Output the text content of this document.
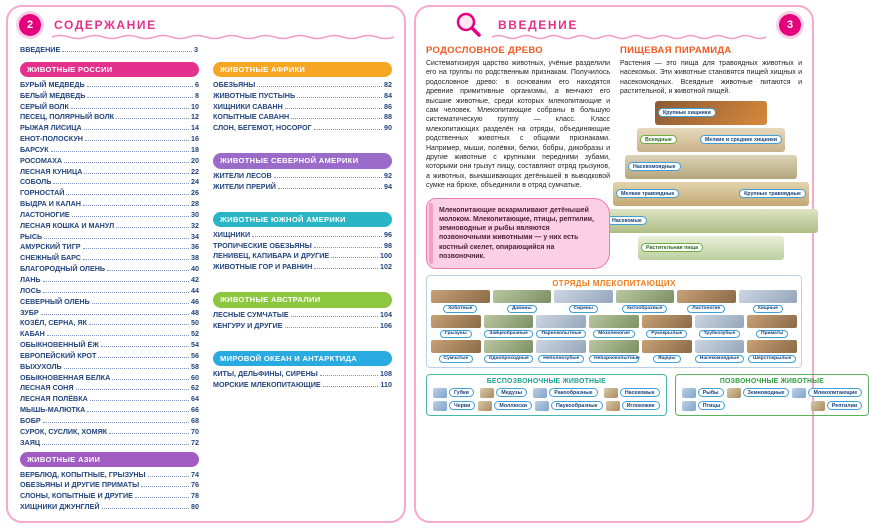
2	СОДЕРЖАНИЕ
ВВЕДЕНИЕ	3
ЖИВОТНЫЕ РОССИИ
БУРЫЙ МЕДВЕДЬ	6
БЕЛЫЙ МЕДВЕДЬ	8
СЕРЫЙ ВОЛК	10
ПЕСЕЦ, ПОЛЯРНЫЙ ВОЛК	12
РЫЖАЯ ЛИСИЦА	14
ЕНОТ-ПОЛОСКУН	16
БАРСУК	18
РОСОМАХА	20
ЛЕСНАЯ КУНИЦА	22
СОБОЛЬ	24
ГОРНОСТАЙ	26
ВЫДРА И КАЛАН	28
ЛАСТОНОГИЕ	30
ЛЕСНАЯ КОШКА И МАНУЛ	32
РЫСЬ	34
АМУРСКИЙ ТИГР	36
СНЕЖНЫЙ БАРС	38
БЛАГОРОДНЫЙ ОЛЕНЬ	40
ЛАНЬ	42
ЛОСЬ	44
СЕВЕРНЫЙ ОЛЕНЬ	46
ЗУБР	48
КОЗЁЛ, СЕРНА, ЯК	50
КАБАН	52
ОБЫКНОВЕННЫЙ ЁЖ	54
ЕВРОПЕЙСКИЙ КРОТ	56
ВЫХУХОЛЬ	58
ОБЫКНОВЕННАЯ БЕЛКА	60
ЛЕСНАЯ СОНЯ	62
ЛЕСНАЯ ПОЛЁВКА	64
МЫШЬ-МАЛЮТКА	66
БОБР	68
СУРОК, СУСЛИК, ХОМЯК	70
ЗАЯЦ	72
ЖИВОТНЫЕ АЗИИ
ВЕРБЛЮД, КОПЫТНЫЕ, ГРЫЗУНЫ	74
ОБЕЗЬЯНЫ И ДРУГИЕ ПРИМАТЫ	76
СЛОНЫ, КОПЫТНЫЕ И ДРУГИЕ	78
ХИЩНИКИ ДЖУНГЛЕЙ	80
ЖИВОТНЫЕ АФРИКИ
ОБЕЗЬЯНЫ	82
ЖИВОТНЫЕ ПУСТЫНЬ	84
ХИЩНИКИ САВАНН	86
КОПЫТНЫЕ САВАНН	88
СЛОН, БЕГЕМОТ, НОСОРОГ	90
ЖИВОТНЫЕ СЕВЕРНОЙ АМЕРИКИ
ЖИТЕЛИ ЛЕСОВ	92
ЖИТЕЛИ ПРЕРИЙ	94
ЖИВОТНЫЕ ЮЖНОЙ АМЕРИКИ
ХИЩНИКИ	96
ТРОПИЧЕСКИЕ ОБЕЗЬЯНЫ	98
ЛЕНИВЕЦ, КАПИБАРА И ДРУГИЕ	100
ЖИВОТНЫЕ ГОР И РАВНИН	102
ЖИВОТНЫЕ АВСТРАЛИИ
ЛЕСНЫЕ СУМЧАТЫЕ	104
КЕНГУРУ И ДРУГИЕ	106
МИРОВОЙ ОКЕАН И АНТАРКТИДА
КИТЫ, ДЕЛЬФИНЫ, СИРЕНЫ	108
МОРСКИЕ МЛЕКОПИТАЮЩИЕ	110
ВВЕДЕНИЕ	3
РОДОСЛОВНОЕ ДРЕВО
Систематизируя царство животных, учёные разделили его на группы по родственным признакам. Получилось родословное древо: в основании его находятся древние примитивные организмы, а венчают его высшие животные, среди которых млекопитающие и сам человек. Млекопитающие собраны в большую систематическую группу — класс. Класс млекопитающих разделён на отряды, объединяющие родственных животных с общими признаками. Например, мыши, полёвки, белки, бобры, дикобразы и другие животные с крупными передними зубами, которыми они грызут пищу, составляют отряд грызунов, а животных, вынашивающих детёнышей в выводковой сумке на брюхе, объединили в отряд сумчатые.
Млекопитающие вскармливают детёнышей молоком. Млекопитающие, птицы, рептилии, земноводные и рыбы являются позвоночными животными — у них есть костный скелет, опирающийся на позвоночник.
ПИЩЕВАЯ ПИРАМИДА
Растения — это пища для травоядных животных и насекомых. Эти животные становятся пищей хищных и насекомоядных. Всеядные животные питаются и растительной, и животной пищей.
Крупные хищники
Всеядные	Мелкие и средние хищники
Насекомоядные
Мелкие травоядные	Крупные травоядные
Насекомые
Растительная пища
ОТРЯДЫ МЛЕКОПИТАЮЩИХ
Хоботные	Даманы	Сирены	Китообразные	Ластоногие	Хищные
Грызуны	Зайцеобразные	Парнокопытные	Мозоленогие	Рукокрылые	Трубкозубые	Приматы
Сумчатые	Однопроходные	Неполнозубые	Непарнокопытные	Ящеры	Насекомоядные	Шерстокрылые
БЕСПОЗВОНОЧНЫЕ ЖИВОТНЫЕ
Губки	Медузы	Ракообразные	Насекомые
Черви	Моллюски	Паукообразные	Иглокожие
ПОЗВОНОЧНЫЕ ЖИВОТНЫЕ
Рыбы	Земноводные	Млекопитающие
Птицы	Рептилии
